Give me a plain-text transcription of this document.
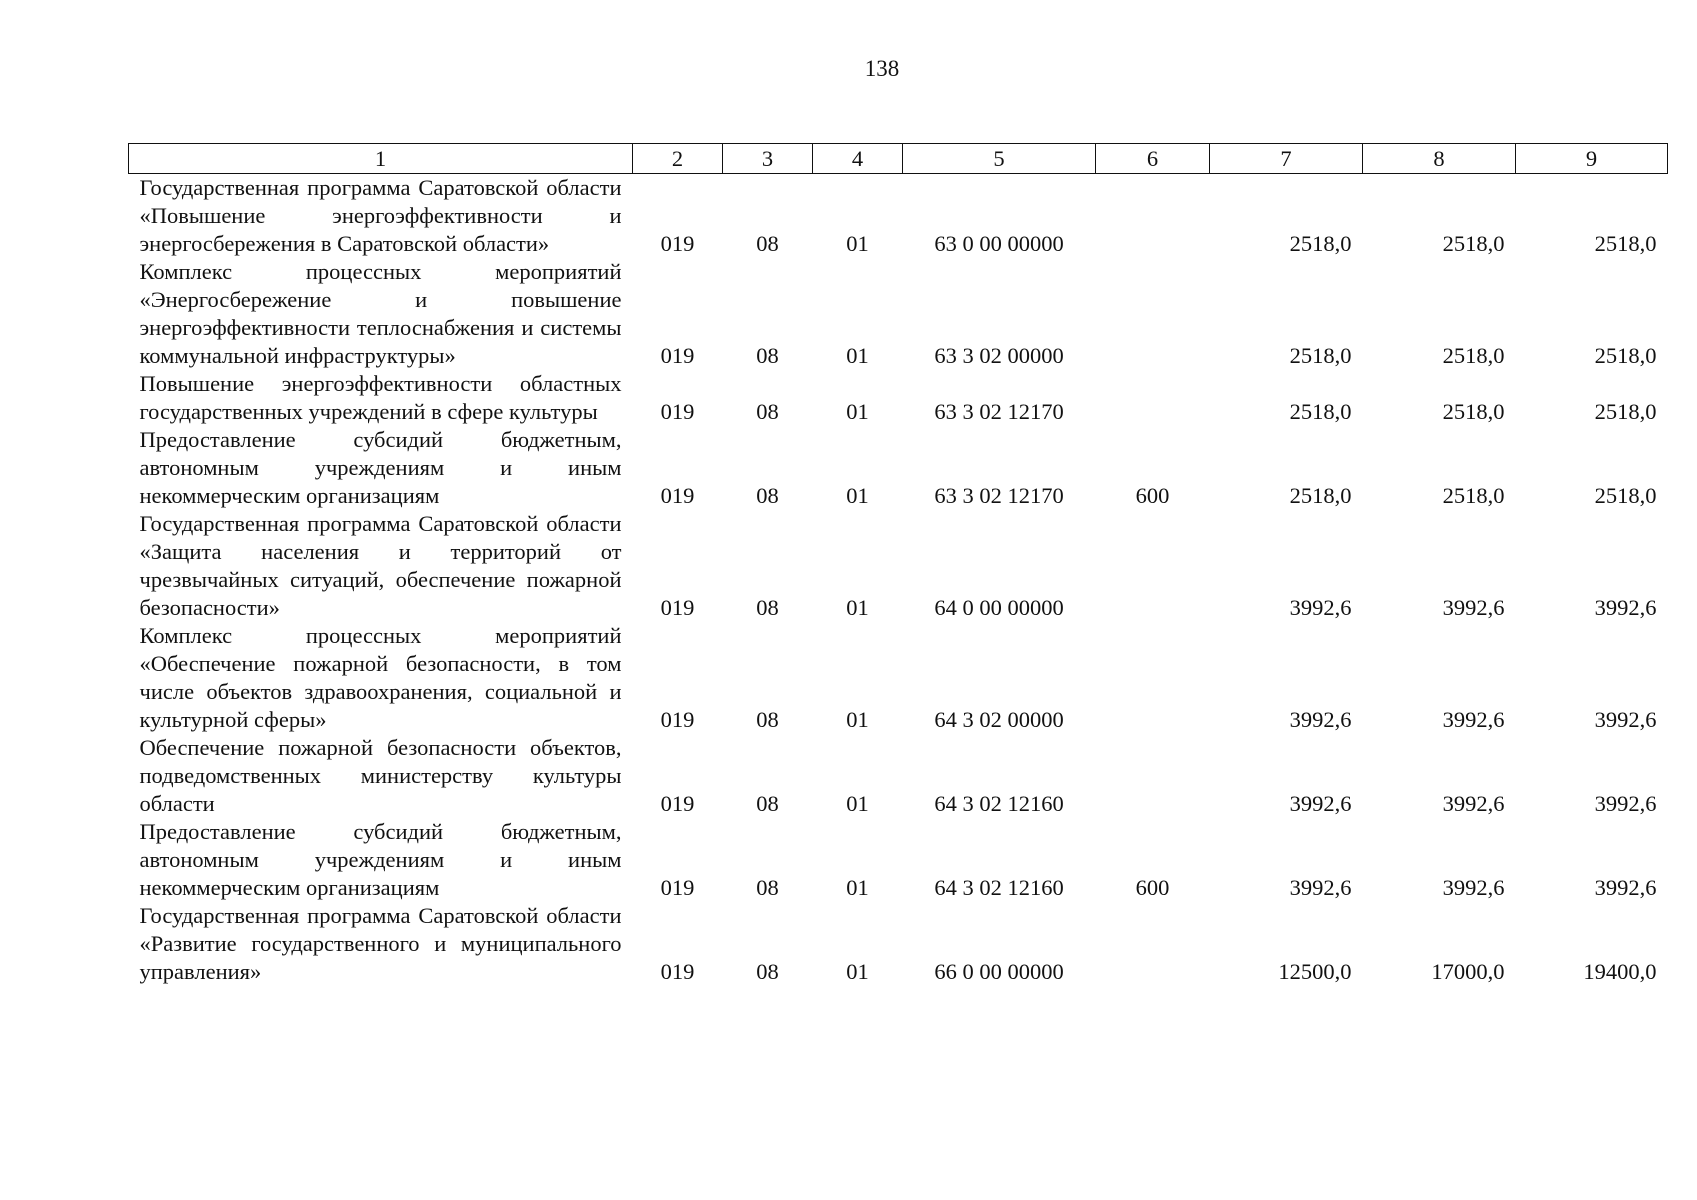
138
1	2	3	4	5	6	7	8	9
Государственная программа Саратовской области «Повышение энергоэффективности и энергосбережения в Саратовской области»	019	08	01	63 0 00 00000		2518,0	2518,0	2518,0
Комплекс процессных мероприятий «Энергосбережение и повышение энергоэффективности теплоснабжения и системы коммунальной инфраструктуры»	019	08	01	63 3 02 00000		2518,0	2518,0	2518,0
Повышение энергоэффективности областных государственных учреждений в сфере культуры	019	08	01	63 3 02 12170		2518,0	2518,0	2518,0
Предоставление субсидий бюджетным, автономным учреждениям и иным некоммерческим организациям	019	08	01	63 3 02 12170	600	2518,0	2518,0	2518,0
Государственная программа Саратовской области «Защита населения и территорий от чрезвычайных ситуаций, обеспечение пожарной безопасности»	019	08	01	64 0 00 00000		3992,6	3992,6	3992,6
Комплекс процессных мероприятий «Обеспечение пожарной безопасности, в том числе объектов здравоохранения, социальной и культурной сферы»	019	08	01	64 3 02 00000		3992,6	3992,6	3992,6
Обеспечение пожарной безопасности объектов, подведомственных министерству культуры области	019	08	01	64 3 02 12160		3992,6	3992,6	3992,6
Предоставление субсидий бюджетным, автономным учреждениям и иным некоммерческим организациям	019	08	01	64 3 02 12160	600	3992,6	3992,6	3992,6
Государственная программа Саратовской области «Развитие государственного и муниципального управления»	019	08	01	66 0 00 00000		12500,0	17000,0	19400,0
